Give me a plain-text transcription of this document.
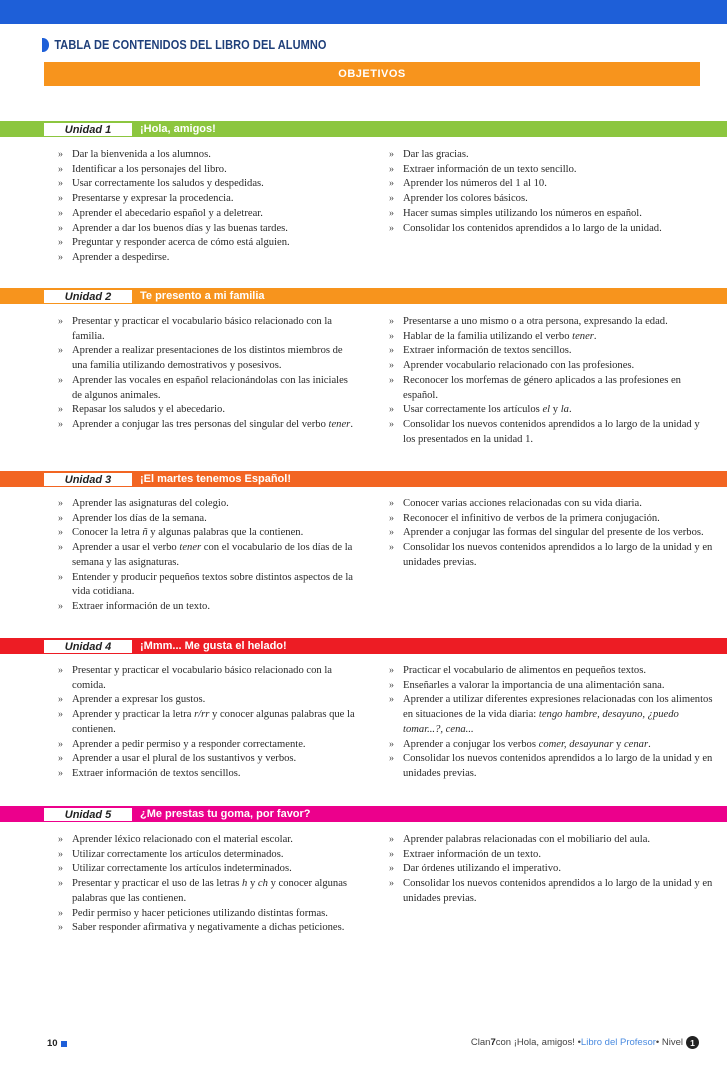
TABLA DE CONTENIDOS DEL LIBRO DEL ALUMNO
OBJETIVOS
Unidad 1	¡Hola, amigos!
» Dar la bienvenida a los alumnos.
» Identificar a los personajes del libro.
» Usar correctamente los saludos y despedidas.
» Presentarse y expresar la procedencia.
» Aprender el abecedario español y a deletrear.
» Aprender a dar los buenos días y las buenas tardes.
» Preguntar y responder acerca de cómo está alguien.
» Aprender a despedirse.
» Dar las gracias.
» Extraer información de un texto sencillo.
» Aprender los números del 1 al 10.
» Aprender los colores básicos.
» Hacer sumas simples utilizando los números en español.
» Consolidar los contenidos aprendidos a lo largo de la unidad.
Unidad 2	Te presento a mi familia
» Presentar y practicar el vocabulario básico relacionado con la familia.
» Aprender a realizar presentaciones de los distintos miembros de una familia utilizando demostrativos y posesivos.
» Aprender las vocales en español relacionándolas con las iniciales de algunos animales.
» Repasar los saludos y el abecedario.
» Aprender a conjugar las tres personas del singular del verbo tener.
» Presentarse a uno mismo o a otra persona, expresando la edad.
» Hablar de la familia utilizando el verbo tener.
» Extraer información de textos sencillos.
» Aprender vocabulario relacionado con las profesiones.
» Reconocer los morfemas de género aplicados a las profesiones en español.
» Usar correctamente los artículos el y la.
» Consolidar los nuevos contenidos aprendidos a lo largo de la unidad y los presentados en la unidad 1.
Unidad 3	¡El martes tenemos Español!
» Aprender las asignaturas del colegio.
» Aprender los días de la semana.
» Conocer la letra ñ y algunas palabras que la contienen.
» Aprender a usar el verbo tener con el vocabulario de los días de la semana y las asignaturas.
» Entender y producir pequeños textos sobre distintos aspectos de la vida cotidiana.
» Extraer información de un texto.
» Conocer varias acciones relacionadas con su vida diaria.
» Reconocer el infinitivo de verbos de la primera conjugación.
» Aprender a conjugar las formas del singular del presente de los verbos.
» Consolidar los nuevos contenidos aprendidos a lo largo de la unidad y en unidades previas.
Unidad 4	¡Mmm... Me gusta el helado!
» Presentar y practicar el vocabulario básico relacionado con la comida.
» Aprender a expresar los gustos.
» Aprender y practicar la letra r/rr y conocer algunas palabras que la contienen.
» Aprender a pedir permiso y a responder correctamente.
» Aprender a usar el plural de los sustantivos y verbos.
» Extraer información de textos sencillos.
» Practicar el vocabulario de alimentos en pequeños textos.
» Enseñarles a valorar la importancia de una alimentación sana.
» Aprender a utilizar diferentes expresiones relacionadas con los alimentos en situaciones de la vida diaria: tengo hambre, desayuno, ¿puedo tomar...?, cena...
» Aprender a conjugar los verbos comer, desayunar y cenar.
» Consolidar los nuevos contenidos aprendidos a lo largo de la unidad y en unidades previas.
Unidad 5	¿Me prestas tu goma, por favor?
» Aprender léxico relacionado con el material escolar.
» Utilizar correctamente los artículos determinados.
» Utilizar correctamente los artículos indeterminados.
» Presentar y practicar el uso de las letras h y ch y conocer algunas palabras que las contienen.
» Pedir permiso y hacer peticiones utilizando distintas formas.
» Saber responder afirmativa y negativamente a dichas peticiones.
» Aprender palabras relacionadas con el mobiliario del aula.
» Extraer información de un texto.
» Dar órdenes utilizando el imperativo.
» Consolidar los nuevos contenidos aprendidos a lo largo de la unidad y en unidades previas.
10	Clan 7 con ¡Hola, amigos! • Libro del Profesor • Nivel 1
